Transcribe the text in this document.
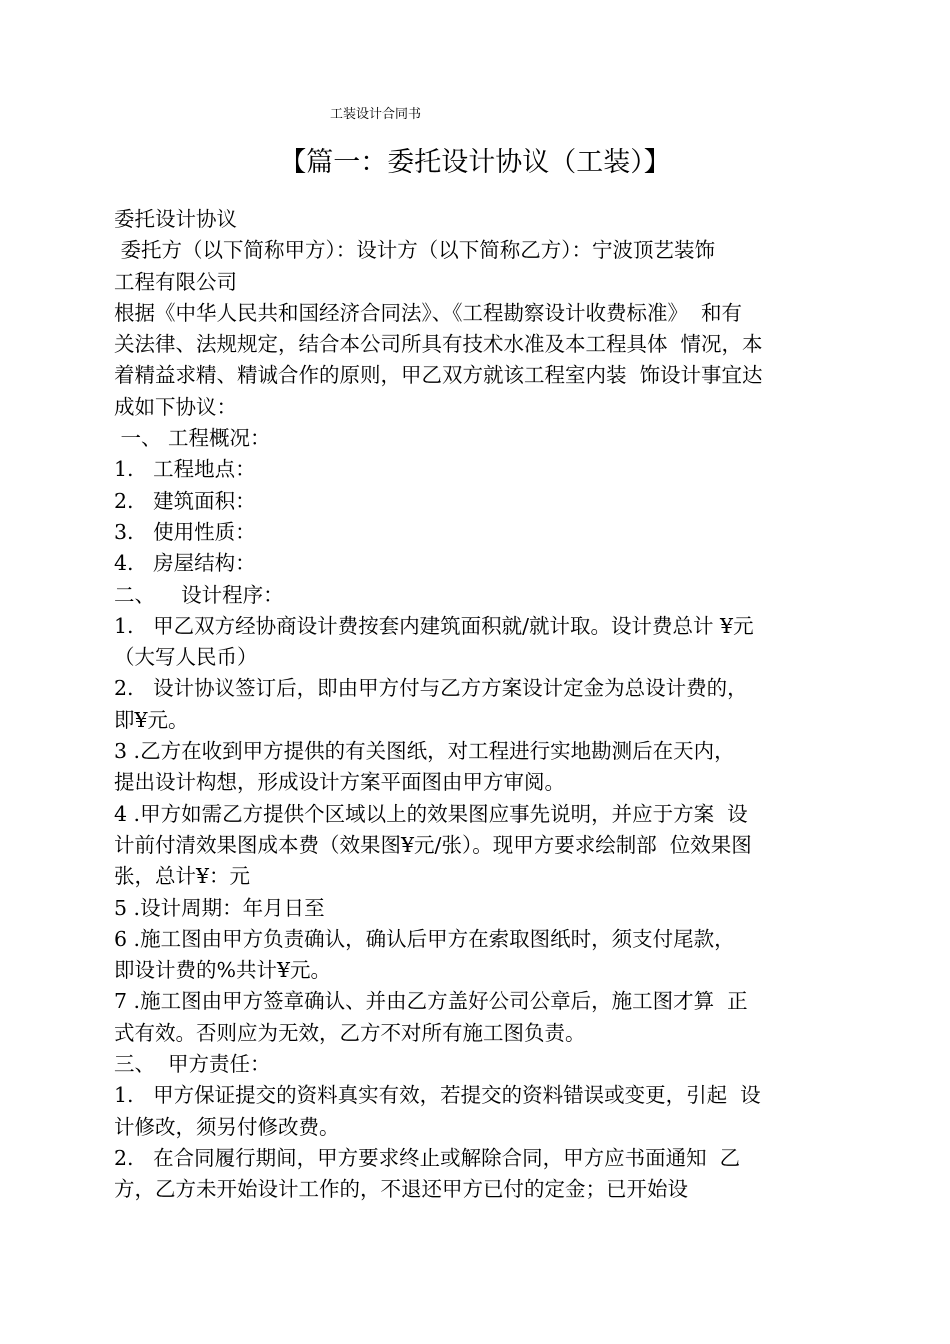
工装设计合同书
【篇一：委托设计协议（工装）】
委托设计协议
委托方（以下简称甲方）：设计方（以下简称乙方）：宁波顶艺装饰
工程有限公司
根据《中华人民共和国经济合同法》、《工程勘察设计收费标准》  和有
关法律、法规规定，结合本公司所具有技术水准及本工程具体  情况，本
着精益求精、精诚合作的原则，甲乙双方就该工程室内装  饰设计事宜达
成如下协议：
一、 工程概况：
1.   工程地点：
2.   建筑面积：
3.   使用性质：
4.   房屋结构：
二、    设计程序：
1.   甲乙双方经协商设计费按套内建筑面积就/就计取。设计费总计 ¥元
（大写人民币）
2.   设计协议签订后，即由甲方付与乙方方案设计定金为总设计费的，
即¥元。
3 .乙方在收到甲方提供的有关图纸，对工程进行实地勘测后在天内，
提出设计构想，形成设计方案平面图由甲方审阅。
4 .甲方如需乙方提供个区域以上的效果图应事先说明，并应于方案  设
计前付清效果图成本费（效果图¥元/张）。现甲方要求绘制部  位效果图
张，总计¥：元
5 .设计周期：年月日至
6 .施工图由甲方负责确认，确认后甲方在索取图纸时，须支付尾款，
即设计费的%共计¥元。
7 .施工图由甲方签章确认、并由乙方盖好公司公章后，施工图才算  正
式有效。否则应为无效，乙方不对所有施工图负责。
三、  甲方责任：
1.   甲方保证提交的资料真实有效，若提交的资料错误或变更，引起  设
计修改，须另付修改费。
2.   在合同履行期间，甲方要求终止或解除合同，甲方应书面通知  乙
方，乙方未开始设计工作的，不退还甲方已付的定金；已开始设
